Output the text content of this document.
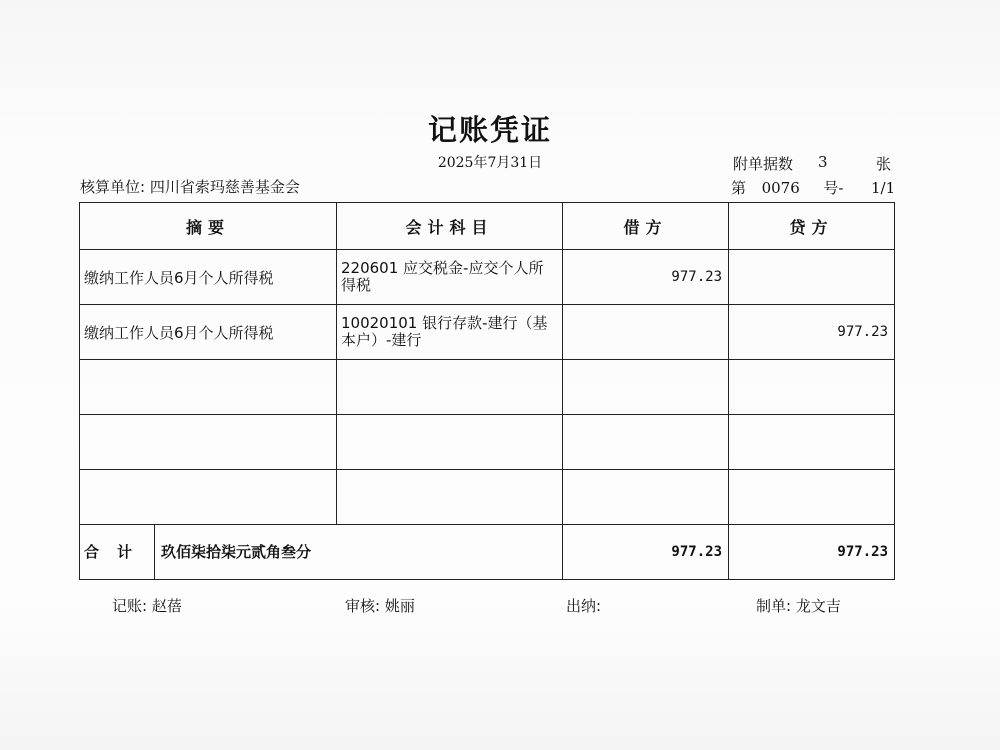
记账凭证
2025年7月31日	附单据数 3	张
核算单位: 四川省索玛慈善基金会	第 0076 号- 1/1
摘要	会计科目	借方	贷方
缴纳工作人员6月个人所得税	220601 应交税金-应交个人所得税	977.23	
缴纳工作人员6月个人所得税	10020101 银行存款-建行（基本户）-建行		977.23

合计 玖佰柒拾柒元贰角叁分		977.23	977.23
记账: 赵蓓	审核: 姚丽	出纳:	制单: 龙文吉
